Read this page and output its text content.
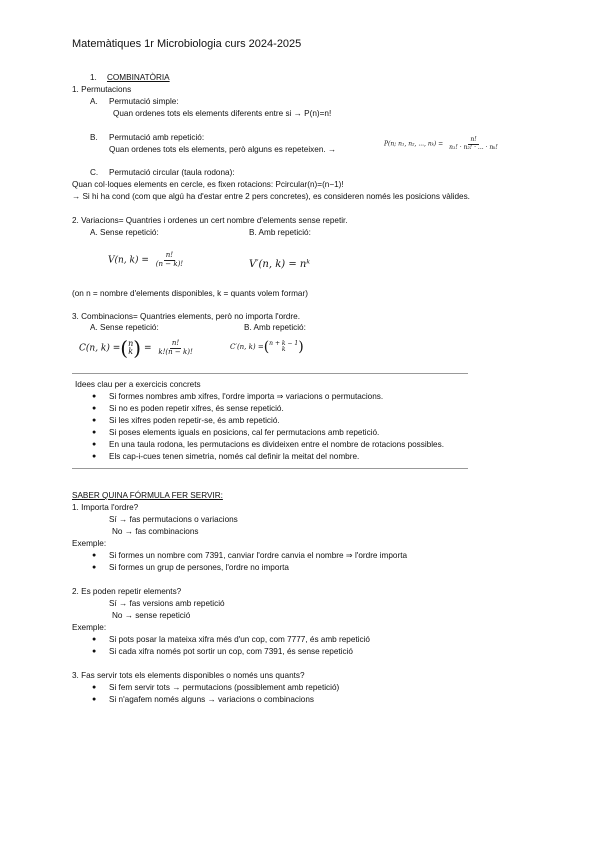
Matemàtiques 1r Microbiologia curs 2024-2025
1. COMBINATÒRIA
1. Permutacions
A. Permutació simple:
Quan ordenes tots els elements diferents entre si → P(n)=n!
B. Permutació amb repetició:
Quan ordenes tots els elements, però alguns es repeteixen. →
P(n; n₁, n₂, ..., $n_k) = \frac{n!}{\text{n₁! · n₂! · ... · nₖ!}}$
C. Permutació circular (taula rodona):
Quan col·loques elements en cercle, es fixen rotacions: Pcircular(n)=(n−1)!
→ Si hi ha cond (com que algú ha d'estar entre 2 pers concretes), es consideren només les posicions vàlides.
2. Variacions= Quantries i ordenes un cert nombre d'elements sense repetir.
A. Sense repetició:	B. Amb repetició:
V(n, $k) = \frac{n!}{(n - k)!}$	V′(n, k) = nᵏ
(on n = nombre d'elements disponibles, k = quants volem formar)
3. Combinacions= Quantries elements, però no importa l'ordre.
A. Sense repetició:	B. Amb repetició:
C(n, k) =( n
k ) = $\frac{n!}{k!(n - k)!}$	C′(n, k) =( n + k − 1
k )
Idees clau per a exercicis concrets
● Si formes nombres amb xifres, l'ordre importa ⇒ variacions o permutacions.
● Si no es poden repetir xifres, és sense repetició.
● Si les xifres poden repetir-se, és amb repetició.
● Si poses elements iguals en posicions, cal fer permutacions amb repetició.
● En una taula rodona, les permutacions es divideixen entre el nombre de rotacions possibles.
● Els cap-i-cues tenen simetria, només cal definir la meitat del nombre.
SABER QUINA FÓRMULA FER SERVIR:
1. Importa l'ordre?
Sí → fas permutacions o variacions
No → fas combinacions
Exemple:
● Si formes un nombre com 7391, canviar l'ordre canvia el nombre ⇒ l'ordre importa
● Si formes un grup de persones, l'ordre no importa
2. Es poden repetir elements?
Sí → fas versions amb repetició
No → sense repetició
Exemple:
● Si pots posar la mateixa xifra més d'un cop, com 7777, és amb repetició
● Si cada xifra només pot sortir un cop, com 7391, és sense repetició
3. Fas servir tots els elements disponibles o només uns quants?
● Si fem servir tots → permutacions (possiblement amb repetició)
● Si n'agafem només alguns → variacions o combinacions
